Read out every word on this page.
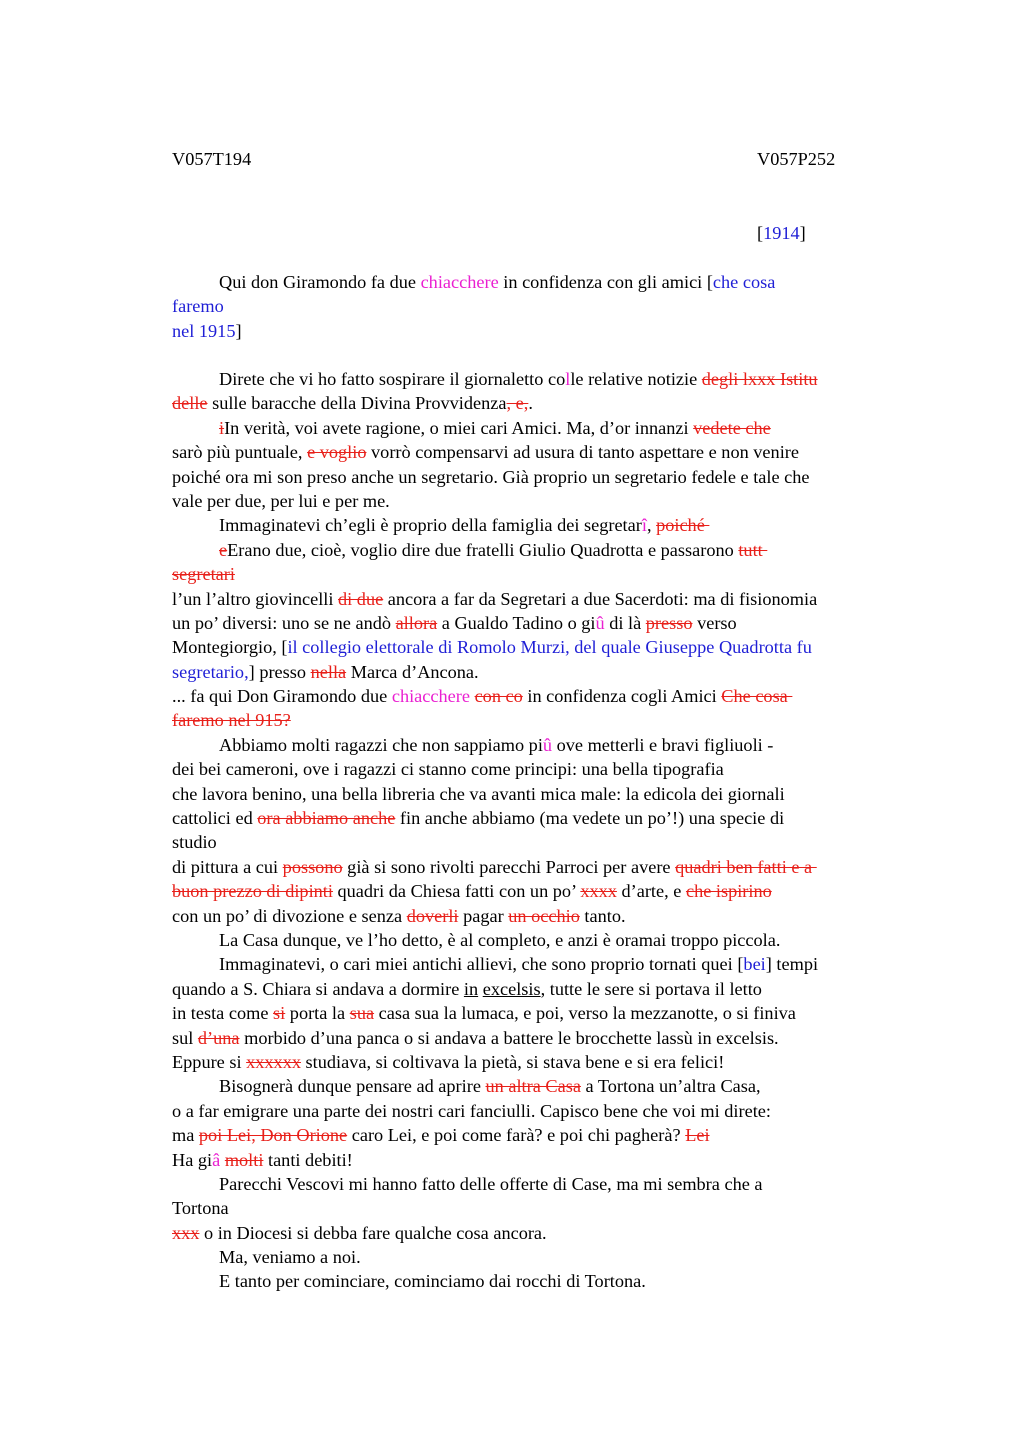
V057T194	V057P252
[1914]
Qui don Giramondo fa due chiacchere in confidenza con gli amici [che cosa
faremo
nel 1915]
Direte che vi ho fatto sospirare il giornaletto colle relative notizie degli lxxx Istitu
delle sulle baracche della Divina Provvidenza, e,.
iIn verità, voi avete ragione, o miei cari Amici. Ma, d’or innanzi vedete che
sarò più puntuale, e voglio vorrò compensarvi ad usura di tanto aspettare e non venire
poiché ora mi son preso anche un segretario. Già proprio un segretario fedele e tale che
vale per due, per lui e per me.
Immaginatevi ch’egli è proprio della famiglia dei segretarî, poiché
eErano due, cioè, voglio dire due fratelli Giulio Quadrotta e passarono tutt
segretari
l’un l’altro giovincelli di due ancora a far da Segretari a due Sacerdoti: ma di fisionomia
un po’ diversi: uno se ne andò allora a Gualdo Tadino o giû di là presso verso
Montegiorgio, [il collegio elettorale di Romolo Murzi, del quale Giuseppe Quadrotta fu
segretario,] presso nella Marca d’Ancona.
... fa qui Don Giramondo due chiacchere con co in confidenza cogli Amici Che cosa
faremo nel 915?
Abbiamo molti ragazzi che non sappiamo piû ove metterli e bravi figliuoli -
dei bei cameroni, ove i ragazzi ci stanno come principi: una bella tipografia
che lavora benino, una bella libreria che va avanti mica male: la edicola dei giornali
cattolici ed ora abbiamo anche fin anche abbiamo (ma vedete un po’!) una specie di
studio
di pittura a cui possono già si sono rivolti parecchi Parroci per avere quadri ben fatti e a
buon prezzo di dipinti quadri da Chiesa fatti con un po’ xxxx d’arte, e che ispirino
con un po’ di divozione e senza doverli pagar un occhio tanto.
La Casa dunque, ve l’ho detto, è al completo, e anzi è oramai troppo piccola.
Immaginatevi, o cari miei antichi allievi, che sono proprio tornati quei [bei] tempi
quando a S. Chiara si andava a dormire in excelsis, tutte le sere si portava il letto
in testa come si porta la sua casa sua la lumaca, e poi, verso la mezzanotte, o si finiva
sul d’una morbido d’una panca o si andava a battere le brocchette lassù in excelsis.
Eppure si xxxxxx studiava, si coltivava la pietà, si stava bene e si era felici!
Bisognerà dunque pensare ad aprire un altra Casa a Tortona un’altra Casa,
o a far emigrare una parte dei nostri cari fanciulli. Capisco bene che voi mi direte:
ma poi Lei, Don Orione caro Lei, e poi come farà? e poi chi pagherà? Lei
Ha giâ molti tanti debiti!
Parecchi Vescovi mi hanno fatto delle offerte di Case, ma mi sembra che a
Tortona
xxx o in Diocesi si debba fare qualche cosa ancora.
Ma, veniamo a noi.
E tanto per cominciare, cominciamo dai rocchi di Tortona.
